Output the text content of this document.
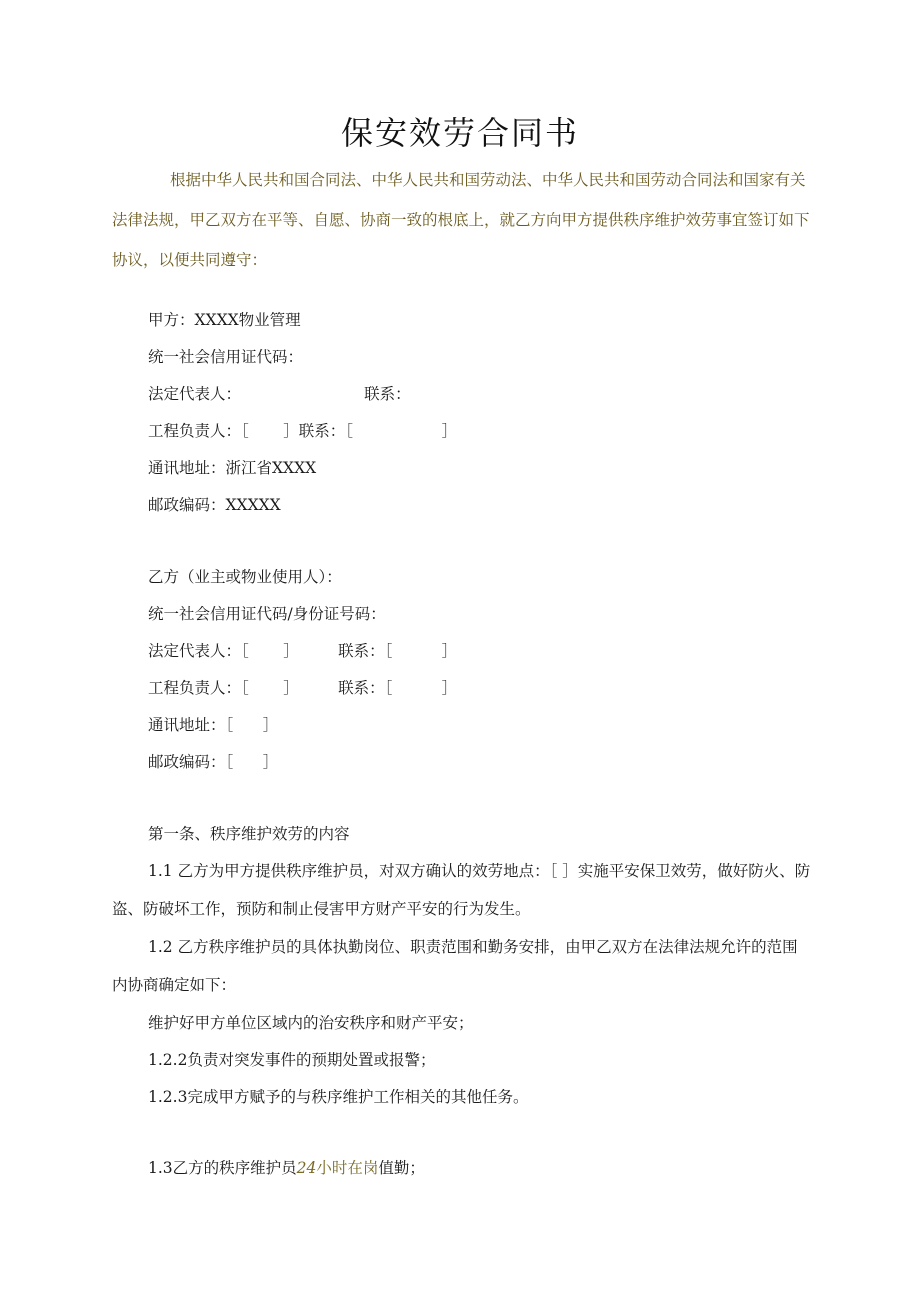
保安效劳合同书

根据中华人民共和国合同法、中华人民共和国劳动法、中华人民共和国劳动合同法和国家有关法律法规，甲乙双方在平等、自愿、协商一致的根底上，就乙方向甲方提供秩序维护效劳事宜签订如下协议，以便共同遵守：

甲方：XXXX物业管理
统一社会信用证代码：
法定代表人：                         联系：
工程负责人：［       ］联系：［                  ］
通讯地址：浙江省XXXX
邮政编码：XXXXX
乙方（业主或物业使用人）：
统一社会信用证代码/身份证号码：
法定代表人：［       ］        联系：［          ］
工程负责人：［       ］        联系：［          ］
通讯地址：［      ］
邮政编码：［      ］
第一条、秩序维护效劳的内容

1.1 乙方为甲方提供秩序维护员，对双方确认的效劳地点：［ ］实施平安保卫效劳，做好防火、防盗、防破坏工作，预防和制止侵害甲方财产平安的行为发生。

1.2 乙方秩序维护员的具体执勤岗位、职责范围和勤务安排，由甲乙双方在法律法规允许的范围内协商确定如下：

维护好甲方单位区域内的治安秩序和财产平安；
1.2.2负责对突发事件的预期处置或报警；
1.2.3完成甲方赋予的与秩序维护工作相关的其他任务。
1.3乙方的秩序维护员24小时在岗值勤；
